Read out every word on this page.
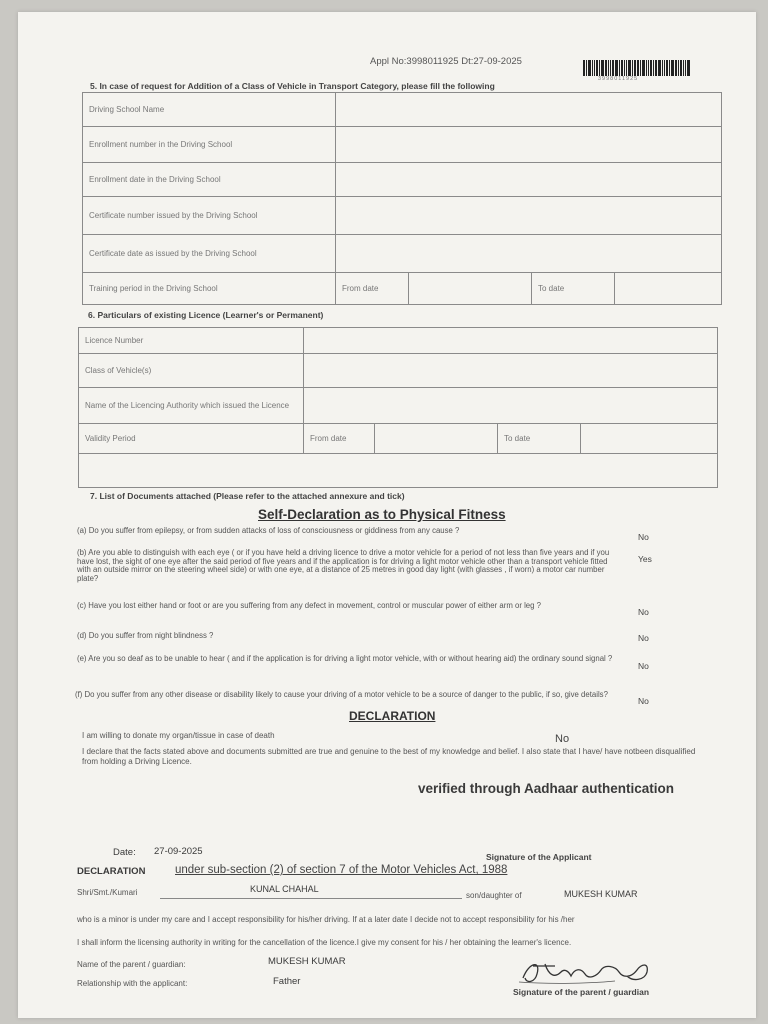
Appl No:3998011925 Dt:27-09-2025
3998011925
5. In case of request for Addition of a Class of Vehicle in Transport Category, please fill the following
Driving School Name				
Enrollment number in the Driving School				
Enrollment date in the Driving School				
Certificate number issued by the Driving School				
Certificate date as issued by the Driving School				
Training period in the Driving School	From date		To date	
6. Particulars of existing Licence (Learner's or Permanent)
Licence Number				
Class of Vehicle(s)				
Name of the Licencing Authority which issued the Licence				
Validity Period	From date		To date	

7. List of Documents attached (Please refer to the attached annexure and tick)
Self-Declaration as to Physical Fitness
(a) Do you suffer from epilepsy, or from sudden attacks of loss of consciousness or giddiness from any cause ?
No
(b) Are you able to distinguish with each eye ( or if you have held a driving licence to drive a motor vehicle for a period of not less than five years and if you have lost, the sight of one eye after the said period of five years and if the application is for driving a light motor vehicle other than a transport vehicle fitted with an outside mirror on the steering wheel side) or with one eye, at a distance of 25 metres in good day light (with glasses , if worn) a motor car number plate?
Yes
(c) Have you lost either hand or foot or are you suffering from any defect in movement, control or muscular power of either arm or leg ?
No
(d) Do you suffer from night blindness ?	No
(e) Are you so deaf as to be unable to hear ( and if the application is for driving a light motor vehicle, with or without hearing aid) the ordinary sound signal ?
No
(f) Do you suffer from any other disease or disability likely to cause your driving of a motor vehicle to be a source of danger to the public, if so, give details?
No
DECLARATION
I am willing to donate my organ/tissue in case of death	No
I declare that the facts stated above and documents submitted are true and genuine to the best of my knowledge and belief. I also state that I have/ have notbeen disqualified from holding a Driving Licence.
verified through Aadhaar authentication
Date: 27-09-2025	Signature of the Applicant
DECLARATION	under sub-section (2) of section 7 of the Motor Vehicles Act, 1988
Shri/Smt./Kumari	KUNAL CHAHAL
son/daughter of	MUKESH KUMAR
who is a minor is under my care and I accept responsibility for his/her driving. If at a later date I decide not to accept responsibility for his /her
I shall inform the licensing authority in writing for the cancellation of the licence.I give my consent for his / her obtaining the learner's licence.
Name of the parent / guardian:	MUKESH KUMAR
Relationship with the applicant:	Father
Signature of the parent / guardian
